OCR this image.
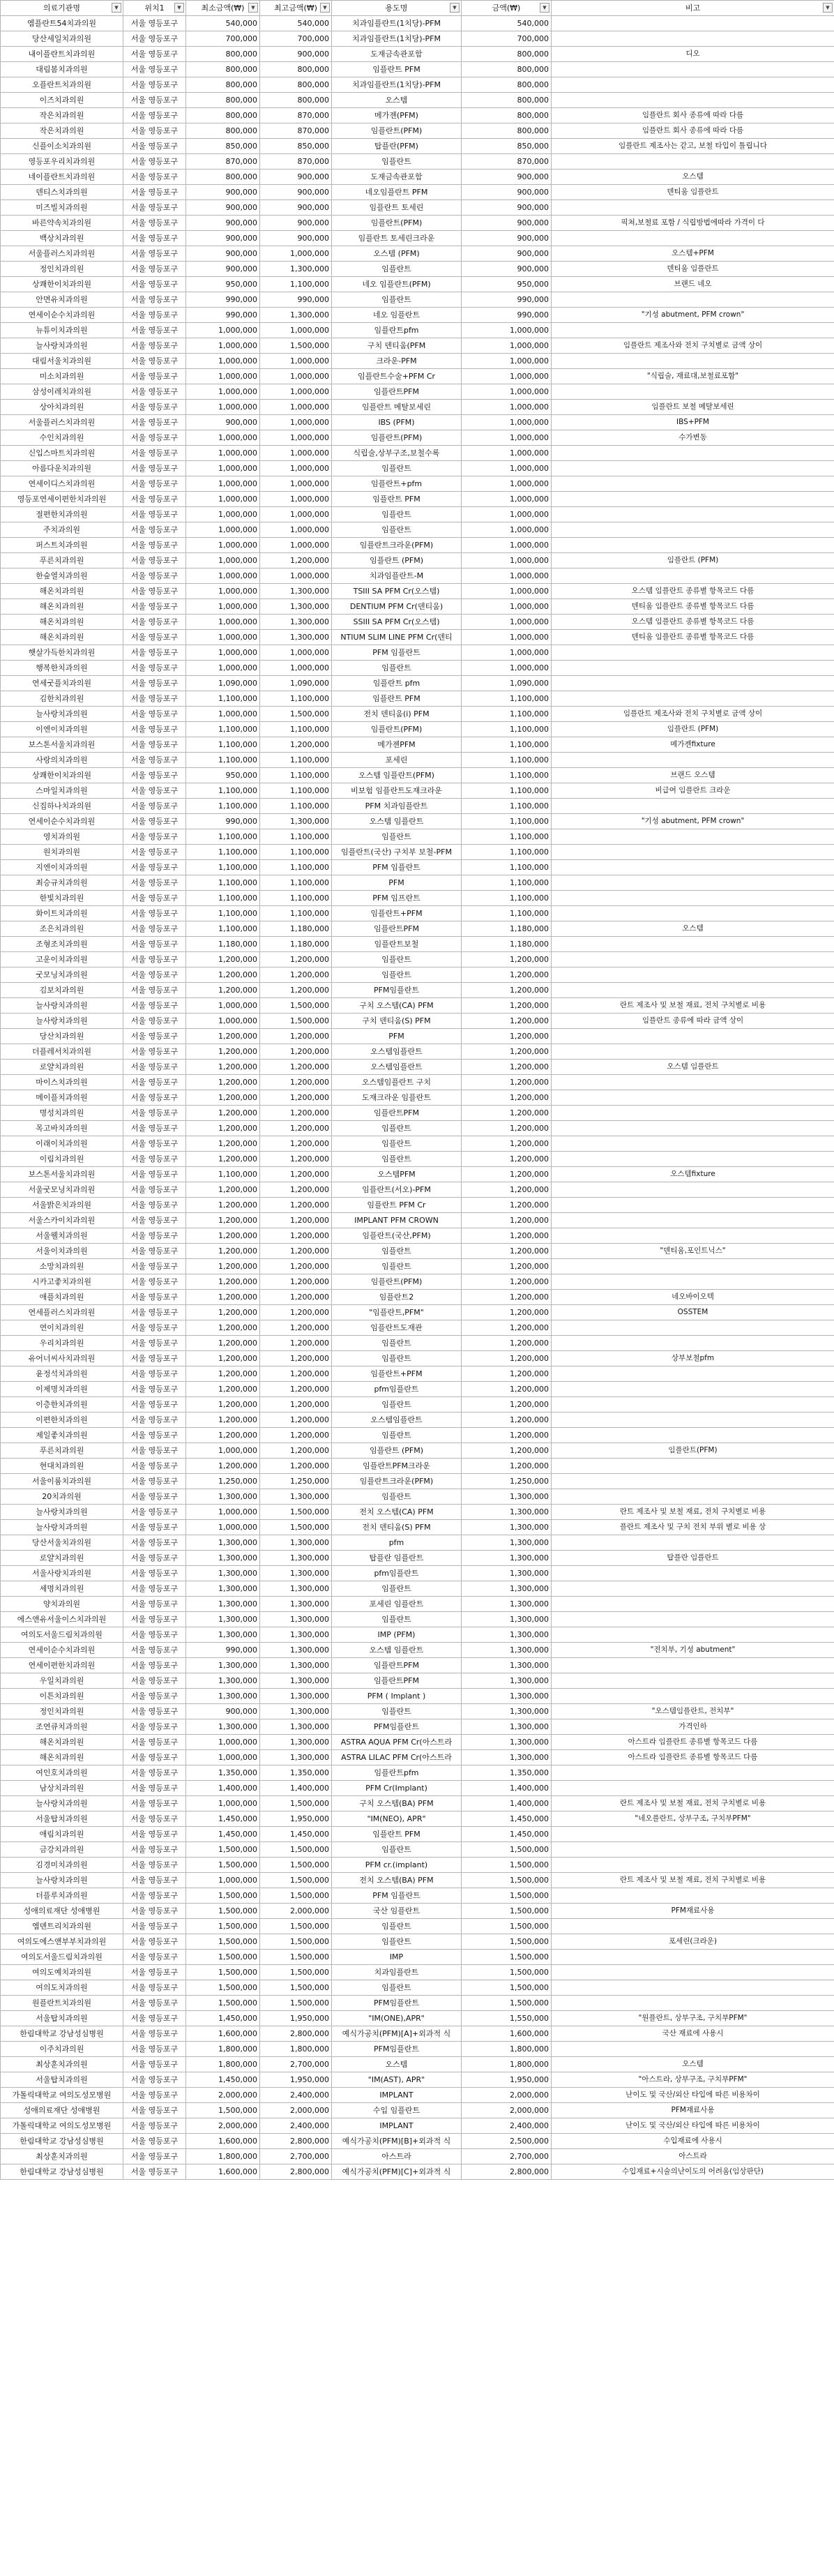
의료기관명 ▼	위치1 ▼	최소금액(₩) ▼	최고금액(₩) ▼	용도명 ▼	금액(₩) ▼	비고 ▼

엠플란트54치과의원	서울 영등포구	540,000	540,000	치과임플란트(1치당)-PFM	540,000	
당산세일치과의원	서울 영등포구	700,000	700,000	치과임플란트(1치당)-PFM	700,000	
내이플란트치과의원	서울 영등포구	800,000	900,000	도재금속관포함	800,000	디오
대림봄치과의원	서울 영등포구	800,000	800,000	임플란트 PFM	800,000	
오플란트치과의원	서울 영등포구	800,000	800,000	치과임플란트(1치당)-PFM	800,000	
이즈치과의원	서울 영등포구	800,000	800,000	오스템	800,000	
작은치과의원	서울 영등포구	800,000	870,000	메가젠(PFM)	800,000	임플란트 회사 종류에 따라 다름
작은치과의원	서울 영등포구	800,000	870,000	임플란트(PFM)	800,000	임플란트 회사 종류에 따라 다름
신플이소치과의원	서울 영등포구	850,000	850,000	탑플란(PFM)	850,000	임플란트 제조사는 같고, 보철 타입이 틀립니다
영등포우리치과의원	서울 영등포구	870,000	870,000	임플란트	870,000	
네이플란트치과의원	서울 영등포구	800,000	900,000	도재금속관포함	900,000	오스템
덴티스치과의원	서울 영등포구	900,000	900,000	네오임플란트 PFM	900,000	덴티움 임플란트
미즈빌치과의원	서울 영등포구	900,000	900,000	임플란트 토세린	900,000	
바른약속치과의원	서울 영등포구	900,000	900,000	임플란트(PFM)	900,000	픽쳐,보철료 포함 / 식립방법에따라 가격이 다
백상치과의원	서울 영등포구	900,000	900,000	임플란트 토세린크라운	900,000	
서울플러스치과의원	서울 영등포구	900,000	1,000,000	오스템 (PFM)	900,000	오스템+PFM
정인치과의원	서울 영등포구	900,000	1,300,000	임플란트	900,000	덴티움 임플란트
상쾌한이치과의원	서울 영등포구	950,000	1,100,000	네오 임플란트(PFM)	950,000	브랜드 네오
안면유치과의원	서울 영등포구	990,000	990,000	임플란트	990,000	
연세이순수치과의원	서울 영등포구	990,000	1,300,000	네오 임플란트	990,000	"기성 abutment, PFM crown"
뉴튜이치과의원	서울 영등포구	1,000,000	1,000,000	임플란트pfm	1,000,000	
늘사랑치과의원	서울 영등포구	1,000,000	1,500,000	구치 덴티움(PFM	1,000,000	임플란트 제조사와 전치 구치별로 금액 상이
대림서울치과의원	서울 영등포구	1,000,000	1,000,000	크라운-PFM	1,000,000	
미소치과의원	서울 영등포구	1,000,000	1,000,000	임플란트수술+PFM Cr	1,000,000	"식립술, 재료대,보철료포함"
삼성이레치과의원	서울 영등포구	1,000,000	1,000,000	임플란트PFM	1,000,000	
상아치과의원	서울 영등포구	1,000,000	1,000,000	임플란트 메탈보세린	1,000,000	임플란트 보철 메탈보세린
서울플러스치과의원	서울 영등포구	900,000	1,000,000	IBS (PFM)	1,000,000	IBS+PFM
수인치과의원	서울 영등포구	1,000,000	1,000,000	임플란트(PFM)	1,000,000	수가변동
신입스마트치과의원	서울 영등포구	1,000,000	1,000,000	식립술,상부구조,보철수록	1,000,000	
아름다운치과의원	서울 영등포구	1,000,000	1,000,000	임플란트	1,000,000	
연세이디스치과의원	서울 영등포구	1,000,000	1,000,000	임플란트+pfm	1,000,000	
영등포연세이편한치과의원	서울 영등포구	1,000,000	1,000,000	임플란트 PFM	1,000,000	
절편한치과의원	서울 영등포구	1,000,000	1,000,000	임플란트	1,000,000	
주치과의원	서울 영등포구	1,000,000	1,000,000	임플란트	1,000,000	
퍼스트치과의원	서울 영등포구	1,000,000	1,000,000	임플란트크라운(PFM)	1,000,000	
푸른치과의원	서울 영등포구	1,000,000	1,200,000	임플란트 (PFM)	1,000,000	임플란트 (PFM)
한숲열치과의원	서울 영등포구	1,000,000	1,000,000	치과임플란트-M	1,000,000	
해온치과의원	서울 영등포구	1,000,000	1,300,000	TSIII SA PFM Cr(오스템)	1,000,000	오스템 임플란트 종류별 항목코드 다름
해온치과의원	서울 영등포구	1,000,000	1,300,000	DENTIUM PFM Cr(덴티움)	1,000,000	덴티움 임플란트 종류별 항목코드 다름
해온치과의원	서울 영등포구	1,000,000	1,300,000	SSIII SA PFM Cr(오스템)	1,000,000	오스템 임플란트 종류별 항목코드 다름
해온치과의원	서울 영등포구	1,000,000	1,300,000	NTIUM SLIM LINE PFM Cr(덴티	1,000,000	덴티움 임플란트 종류별 항목코드 다름
햇살가득한치과의원	서울 영등포구	1,000,000	1,000,000	PFM 임플란트	1,000,000	
행복한치과의원	서울 영등포구	1,000,000	1,000,000	임플란트	1,000,000	
연세굿플치과의원	서울 영등포구	1,090,000	1,090,000	임플란트 pfm	1,090,000	
김한치과의원	서울 영등포구	1,100,000	1,100,000	임플란트 PFM	1,100,000	
늘사랑치과의원	서울 영등포구	1,000,000	1,500,000	전치 덴티움(i) PFM	1,100,000	임플란트 제조사와 전치 구치별로 금액 상이
이엔이치과의원	서울 영등포구	1,100,000	1,100,000	임플란트(PFM)	1,100,000	임플란트 (PFM)
보스톤서울치과의원	서울 영등포구	1,100,000	1,200,000	메가젠PFM	1,100,000	메가젠fixture
사랑의치과의원	서울 영등포구	1,100,000	1,100,000	포세린	1,100,000	
상쾌한이치과의원	서울 영등포구	950,000	1,100,000	오스템 임플란트(PFM)	1,100,000	브랜드 오스템
스마일치과의원	서울 영등포구	1,100,000	1,100,000	비보험 임플란트도재크라운	1,100,000	비급여 임플란트 크라운
신집하나치과의원	서울 영등포구	1,100,000	1,100,000	PFM 치과임플란트	1,100,000	
연세이순수치과의원	서울 영등포구	990,000	1,300,000	오스템 임플란트	1,100,000	"기성 abutment, PFM crown"
영치과의원	서울 영등포구	1,100,000	1,100,000	임플란트	1,100,000	
원치과의원	서울 영등포구	1,100,000	1,100,000	임플란트(국산) 구치부 보철-PFM	1,100,000	
지엔이치과의원	서울 영등포구	1,100,000	1,100,000	PFM 임플란트	1,100,000	
최승규치과의원	서울 영등포구	1,100,000	1,100,000	PFM	1,100,000	
한빛치과의원	서울 영등포구	1,100,000	1,100,000	PFM 임프란트	1,100,000	
화이트치과의원	서울 영등포구	1,100,000	1,100,000	임플란트+PFM	1,100,000	
조은치과의원	서울 영등포구	1,100,000	1,180,000	임플란트PFM	1,180,000	오스템
조형조치과의원	서울 영등포구	1,180,000	1,180,000	임플란트보철	1,180,000	
고운이치과의원	서울 영등포구	1,200,000	1,200,000	임플란트	1,200,000	
굿모닝치과의원	서울 영등포구	1,200,000	1,200,000	임플란트	1,200,000	
김보치과의원	서울 영등포구	1,200,000	1,200,000	PFM임플란트	1,200,000	
늘사랑치과의원	서울 영등포구	1,000,000	1,500,000	구치 오스템(CA) PFM	1,200,000	란트 제조사 및 보철 재료, 전치 구치별로 비용
늘사랑치과의원	서울 영등포구	1,000,000	1,500,000	구치 덴티움(S) PFM	1,200,000	임플란트 종류에 따라 금액 상이
당산치과의원	서울 영등포구	1,200,000	1,200,000	PFM	1,200,000	
더플레서치과의원	서울 영등포구	1,200,000	1,200,000	오스템임플란트	1,200,000	
로얄치과의원	서울 영등포구	1,200,000	1,200,000	오스템임플란트	1,200,000	오스템 임플란트
마이스치과의원	서울 영등포구	1,200,000	1,200,000	오스템임플란트 구치	1,200,000	
메이플치과의원	서울 영등포구	1,200,000	1,200,000	도재크라운 임플란트	1,200,000	
명성치과의원	서울 영등포구	1,200,000	1,200,000	임플란트PFM	1,200,000	
목고바치과의원	서울 영등포구	1,200,000	1,200,000	임플란트	1,200,000	
이래이치과의원	서울 영등포구	1,200,000	1,200,000	임플란트	1,200,000	
이림치과의원	서울 영등포구	1,200,000	1,200,000	임플란트	1,200,000	
보스톤서울치과의원	서울 영등포구	1,100,000	1,200,000	오스템PFM	1,200,000	오스템fixture
서울굿모닝치과의원	서울 영등포구	1,200,000	1,200,000	임플란트(서오)-PFM	1,200,000	
서울밝은치과의원	서울 영등포구	1,200,000	1,200,000	임플란트 PFM Cr	1,200,000	
서울스카이치과의원	서울 영등포구	1,200,000	1,200,000	IMPLANT PFM CROWN	1,200,000	
서울웰치과의원	서울 영등포구	1,200,000	1,200,000	임플란트(국산,PFM)	1,200,000	
서울이치과의원	서울 영등포구	1,200,000	1,200,000	임플란트	1,200,000	"덴티움,포인트닉스"
소망치과의원	서울 영등포구	1,200,000	1,200,000	임플란트	1,200,000	
시카고좋치과의원	서울 영등포구	1,200,000	1,200,000	임플란트(PFM)	1,200,000	
애플치과의원	서울 영등포구	1,200,000	1,200,000	임플란트2	1,200,000	네오바이오텍
연세플러스치과의원	서울 영등포구	1,200,000	1,200,000	"임플란트,PFM"	1,200,000	OSSTEM
연이치과의원	서울 영등포구	1,200,000	1,200,000	임플란트도재관	1,200,000	
우리치과의원	서울 영등포구	1,200,000	1,200,000	임플란트	1,200,000	
유어너씨사치과의원	서울 영등포구	1,200,000	1,200,000	임플란트	1,200,000	상부보철pfm
윤정석치과의원	서울 영등포구	1,200,000	1,200,000	임플란트+PFM	1,200,000	
이제명치과의원	서울 영등포구	1,200,000	1,200,000	pfm임플란트	1,200,000	
이층한치과의원	서울 영등포구	1,200,000	1,200,000	임플란트	1,200,000	
이편한치과의원	서울 영등포구	1,200,000	1,200,000	오스템임플란트	1,200,000	
제일좋치과의원	서울 영등포구	1,200,000	1,200,000	임플란트	1,200,000	
푸른치과의원	서울 영등포구	1,000,000	1,200,000	임플란트 (PFM)	1,200,000	임플란트(PFM)
현대치과의원	서울 영등포구	1,200,000	1,200,000	임플란트PFM크라운	1,200,000	
서울이룸치과의원	서울 영등포구	1,250,000	1,250,000	임플란트크라운(PFM)	1,250,000	
20치과의원	서울 영등포구	1,300,000	1,300,000	임플란트	1,300,000	
늘사랑치과의원	서울 영등포구	1,000,000	1,500,000	전치 오스템(CA) PFM	1,300,000	란트 제조사 및 보철 재료, 전치 구치별로 비용
늘사랑치과의원	서울 영등포구	1,000,000	1,500,000	전치 덴티움(S) PFM	1,300,000	플란트 제조사 및 구치 전치 부위 별로 비용 상
당산서울치과의원	서울 영등포구	1,300,000	1,300,000	pfm	1,300,000	
로얄치과의원	서울 영등포구	1,300,000	1,300,000	탑플란 임플란트	1,300,000	탑플란 임플란트
서울사랑치과의원	서울 영등포구	1,300,000	1,300,000	pfm임플란트	1,300,000	
세명치과의원	서울 영등포구	1,300,000	1,300,000	임플란트	1,300,000	
양치과의원	서울 영등포구	1,300,000	1,300,000	포세린 임플란트	1,300,000	
에스앤유서울이스치과의원	서울 영등포구	1,300,000	1,300,000	임플란트	1,300,000	
여의도서울드림치과의원	서울 영등포구	1,300,000	1,300,000	IMP (PFM)	1,300,000	
연세이순수치과의원	서울 영등포구	990,000	1,300,000	오스템 임플란트	1,300,000	"전치부, 기성 abutment"
연세이편한치과의원	서울 영등포구	1,300,000	1,300,000	임플란트PFM	1,300,000	
우일치과의원	서울 영등포구	1,300,000	1,300,000	임플란트PFM	1,300,000	
이튼치과의원	서울 영등포구	1,300,000	1,300,000	PFM ( Implant )	1,300,000	
정인치과의원	서울 영등포구	900,000	1,300,000	임플란트	1,300,000	"오스템임플란트, 전치부"
조연큐치과의원	서울 영등포구	1,300,000	1,300,000	PFM임플란트	1,300,000	가격인하
해온치과의원	서울 영등포구	1,000,000	1,300,000	ASTRA AQUA PFM Cr(아스트라	1,300,000	아스트라 임플란트 종류별 항목코드 다름
해온치과의원	서울 영등포구	1,000,000	1,300,000	ASTRA LILAC PFM Cr(아스트라	1,300,000	아스트라 임플란트 종류별 항목코드 다름
여인호치과의원	서울 영등포구	1,350,000	1,350,000	임플란트pfm	1,350,000	
남상치과의원	서울 영등포구	1,400,000	1,400,000	PFM Cr(Implant)	1,400,000	
늘사랑치과의원	서울 영등포구	1,000,000	1,500,000	구치 오스템(BA) PFM	1,400,000	란트 제조사 및 보철 재료, 전치 구치별로 비용
서울탑치과의원	서울 영등포구	1,450,000	1,950,000	"IM(NEO), APR"	1,450,000	"네오플란트, 상부구조, 구치부PFM"
애림치과의원	서울 영등포구	1,450,000	1,450,000	임플란트 PFM	1,450,000	
금강치과의원	서울 영등포구	1,500,000	1,500,000	임플란트	1,500,000	
김경미치과의원	서울 영등포구	1,500,000	1,500,000	PFM cr.(implant)	1,500,000	
늘사랑치과의원	서울 영등포구	1,000,000	1,500,000	전치 오스템(BA) PFM	1,500,000	란트 제조사 및 보철 재료, 전치 구치별로 비용
더플루치과의원	서울 영등포구	1,500,000	1,500,000	PFM 임플란트	1,500,000	
성애의료재단 성애병원	서울 영등포구	1,500,000	2,000,000	국산 임플란트	1,500,000	PFM재료사용
엠덴트리치과의원	서울 영등포구	1,500,000	1,500,000	임플란트	1,500,000	
여의도에스앤부부치과의원	서울 영등포구	1,500,000	1,500,000	임플란트	1,500,000	포세린(크라운)
여의도서울드림치과의원	서울 영등포구	1,500,000	1,500,000	IMP	1,500,000	
여의도예치과의원	서울 영등포구	1,500,000	1,500,000	치과임플란트	1,500,000	
여의도치과의원	서울 영등포구	1,500,000	1,500,000	임플란트	1,500,000	
원플란트치과의원	서울 영등포구	1,500,000	1,500,000	PFM임플란트	1,500,000	
서울탑치과의원	서울 영등포구	1,450,000	1,950,000	"IM(ONE),APR"	1,550,000	"원플란트, 상부구조, 구치부PFM"
한림대학교 강남성심병원	서울 영등포구	1,600,000	2,800,000	예식가공치(PFM)[A]+외과적 식	1,600,000	국산 재료에 사용시
이주치과의원	서울 영등포구	1,800,000	1,800,000	PFM임플란트	1,800,000	
최상훈치과의원	서울 영등포구	1,800,000	2,700,000	오스템	1,800,000	오스템
서울탑치과의원	서울 영등포구	1,450,000	1,950,000	"IM(AST), APR"	1,950,000	"아스트라, 상부구조, 구치부PFM"
가톨릭대학교 여의도성모병원	서울 영등포구	2,000,000	2,400,000	IMPLANT	2,000,000	난이도 및 국산/외산 타입에 따른 비용차이
성애의료재단 성애병원	서울 영등포구	1,500,000	2,000,000	수입 임플란트	2,000,000	PFM재료사용
가톨릭대학교 여의도성모병원	서울 영등포구	2,000,000	2,400,000	IMPLANT	2,400,000	난이도 및 국산/외산 타입에 따른 비용차이
한림대학교 강남성심병원	서울 영등포구	1,600,000	2,800,000	예식가공치(PFM)[B]+외과적 식	2,500,000	수입재료에 사용시
최상훈치과의원	서울 영등포구	1,800,000	2,700,000	아스트라	2,700,000	아스트라
한림대학교 강남성심병원	서울 영등포구	1,600,000	2,800,000	예식가공치(PFM)[C]+외과적 식	2,800,000	수입재료+시술의난이도의 어려움(임상판단)
